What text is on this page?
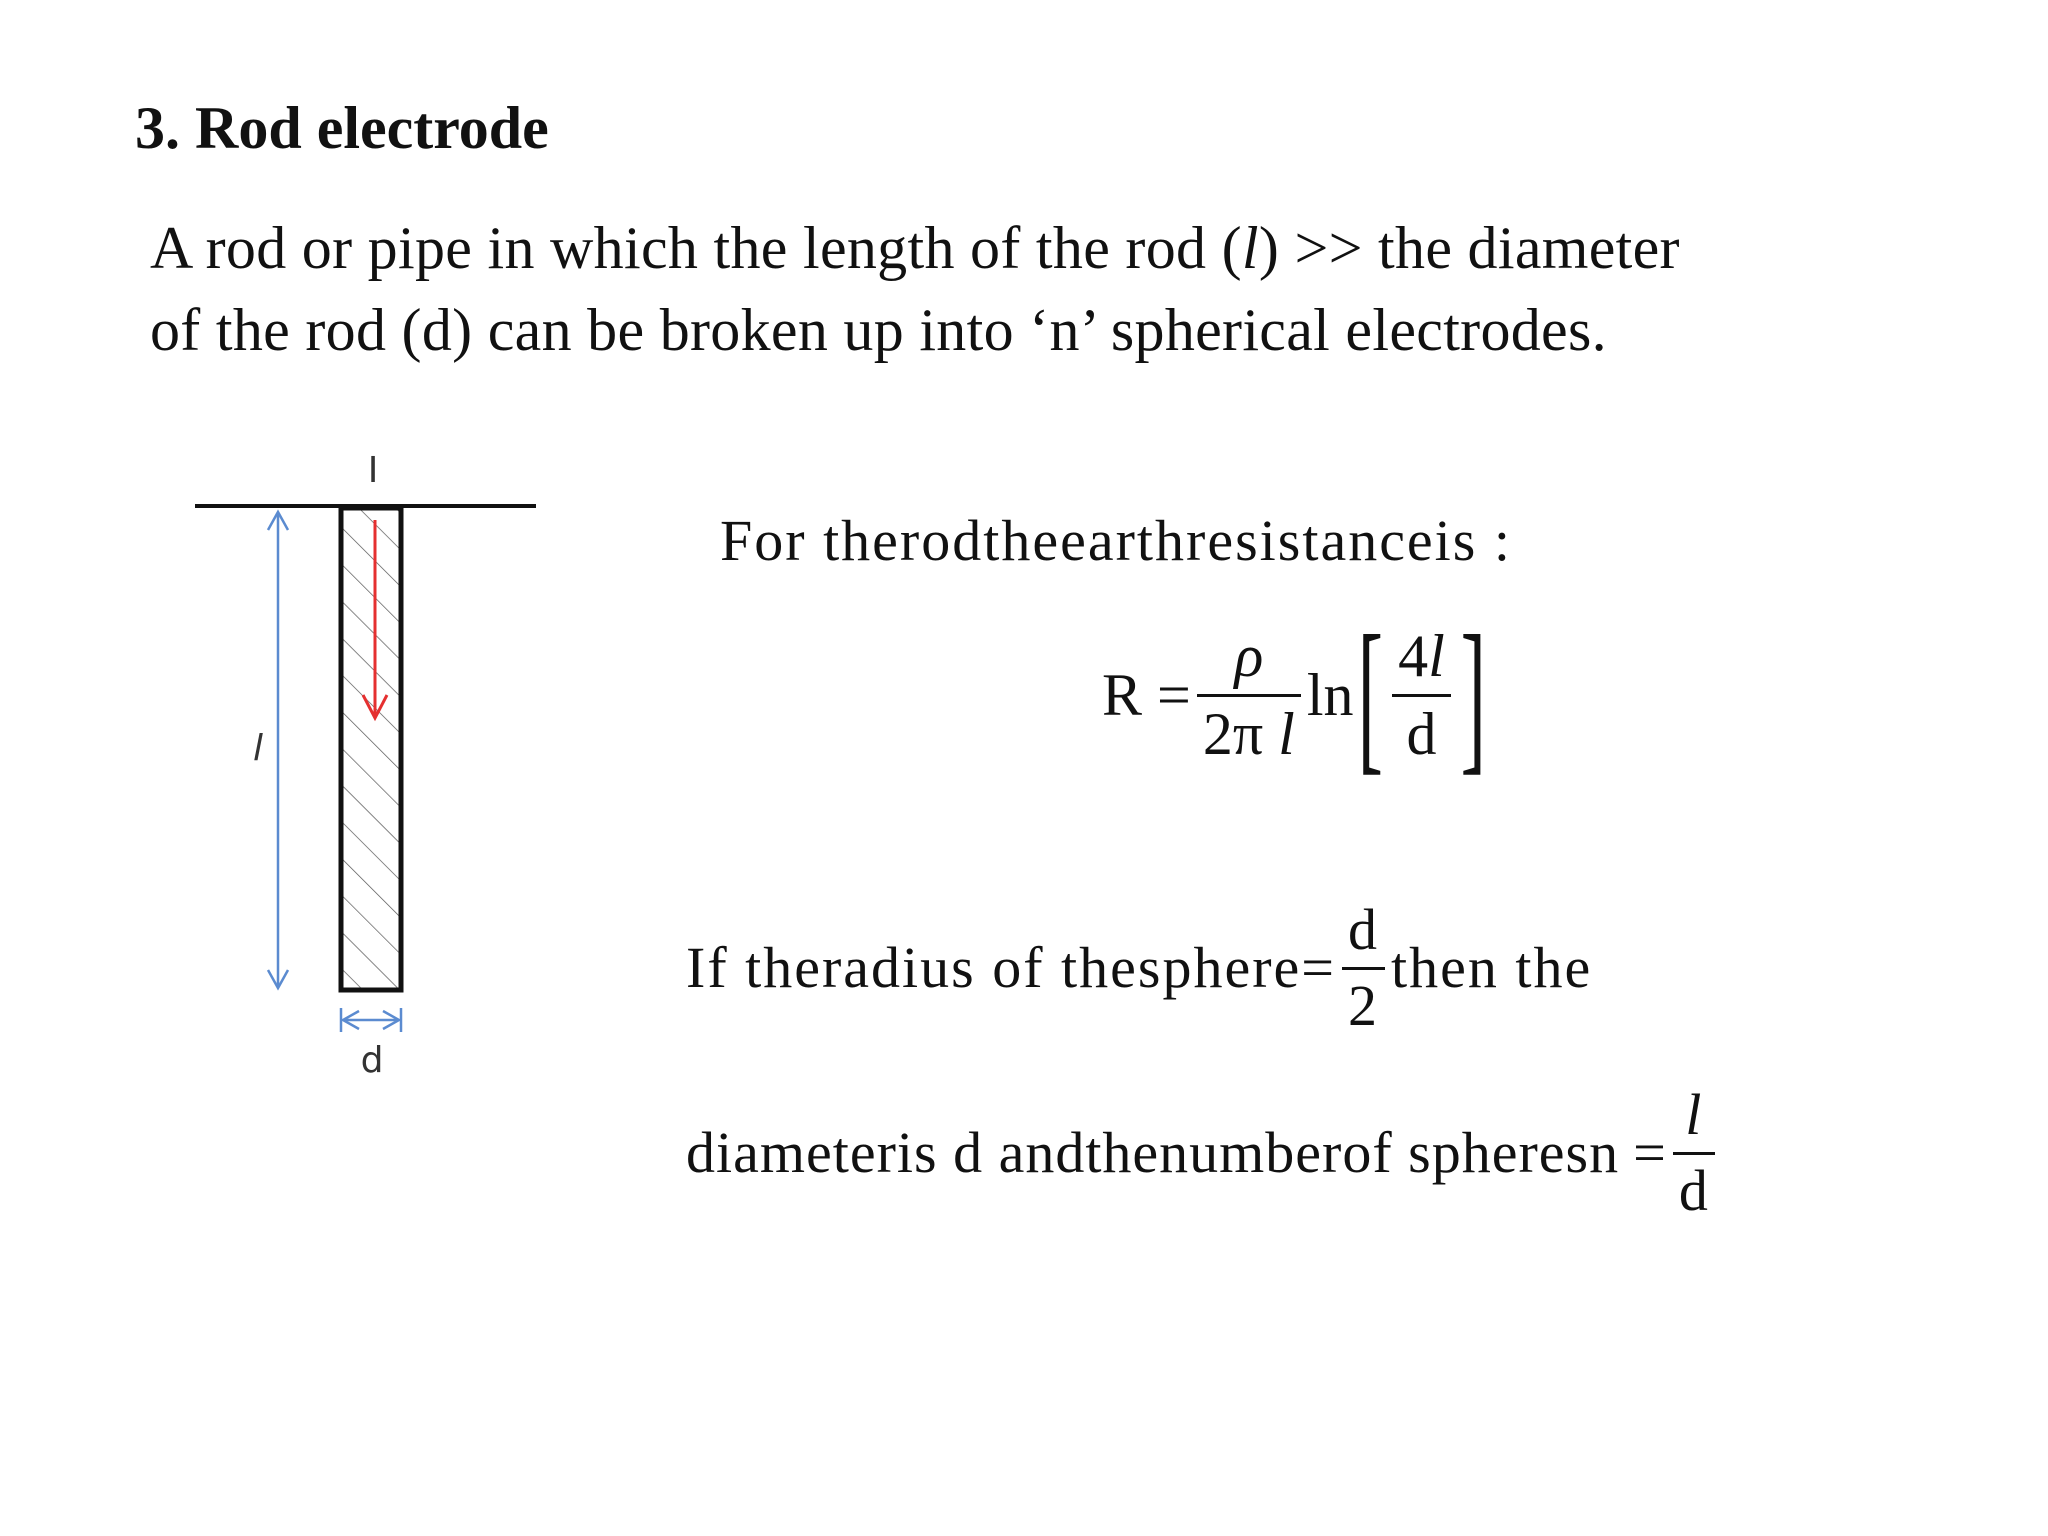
3. Rod electrode
A rod or pipe in which the length of the rod (l) >> the diameter
of the rod (d) can be broken up into ‘n’ spherical electrodes.
I
l
d
For therodtheearthresistanceis :
$R = \frac{\rho}{\text{2π l}}$ ln [ $\frac{4l}{d}$ ]
If theradius of thesphere= $\frac{d}{2}$ then the
diameteris d andthenumberof spheresn = $\frac{l}{d}$
